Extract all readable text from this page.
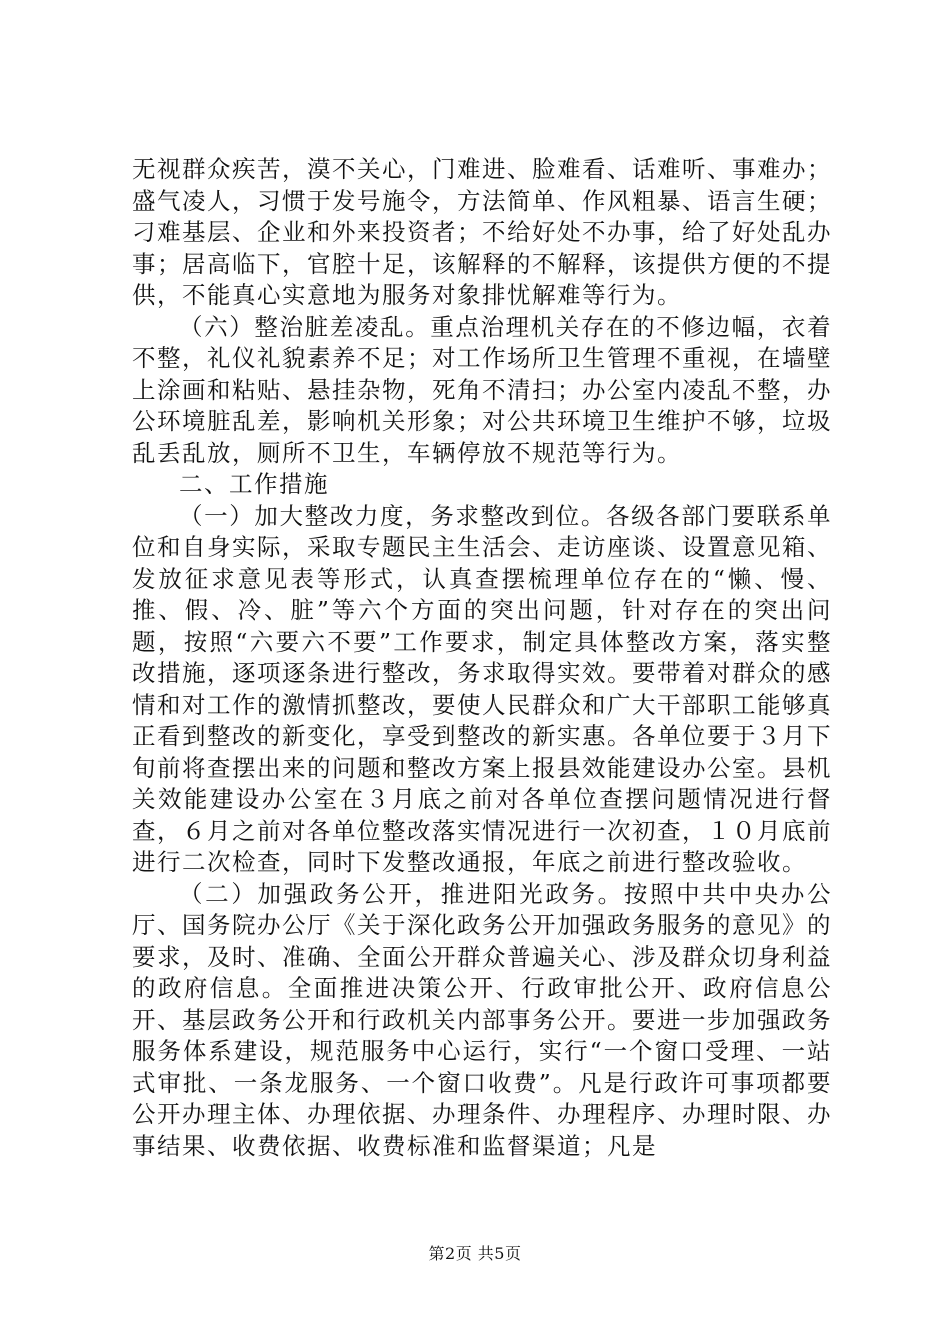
无视群众疾苦，漠不关心，门难进、脸难看、话难听、事难办；盛气凌人，习惯于发号施令，方法简单、作风粗暴、语言生硬；刁难基层、企业和外来投资者；不给好处不办事，给了好处乱办事；居高临下，官腔十足，该解释的不解释，该提供方便的不提供，不能真心实意地为服务对象排忧解难等行为。

（六）整治脏差凌乱。重点治理机关存在的不修边幅，衣着不整，礼仪礼貌素养不足；对工作场所卫生管理不重视，在墙壁上涂画和粘贴、悬挂杂物，死角不清扫；办公室内凌乱不整，办公环境脏乱差，影响机关形象；对公共环境卫生维护不够，垃圾乱丢乱放，厕所不卫生，车辆停放不规范等行为。

二、工作措施

（一）加大整改力度，务求整改到位。各级各部门要联系单位和自身实际，采取专题民主生活会、走访座谈、设置意见箱、发放征求意见表等形式，认真查摆梳理单位存在的“懒、慢、推、假、冷、脏”等六个方面的突出问题，针对存在的突出问题，按照“六要六不要”工作要求，制定具体整改方案，落实整改措施，逐项逐条进行整改，务求取得实效。要带着对群众的感情和对工作的激情抓整改，要使人民群众和广大干部职工能够真正看到整改的新变化，享受到整改的新实惠。各单位要于３月下旬前将查摆出来的问题和整改方案上报县效能建设办公室。县机关效能建设办公室在３月底之前对各单位查摆问题情况进行督查，６月之前对各单位整改落实情况进行一次初查，１０月底前进行二次检查，同时下发整改通报，年底之前进行整改验收。

（二）加强政务公开，推进阳光政务。按照中共中央办公厅、国务院办公厅《关于深化政务公开加强政务服务的意见》的要求，及时、准确、全面公开群众普遍关心、涉及群众切身利益的政府信息。全面推进决策公开、行政审批公开、政府信息公开、基层政务公开和行政机关内部事务公开。要进一步加强政务服务体系建设，规范服务中心运行，实行“一个窗口受理、一站式审批、一条龙服务、一个窗口收费”。凡是行政许可事项都要公开办理主体、办理依据、办理条件、办理程序、办理时限、办事结果、收费依据、收费标准和监督渠道；凡是

第2页 共5页
